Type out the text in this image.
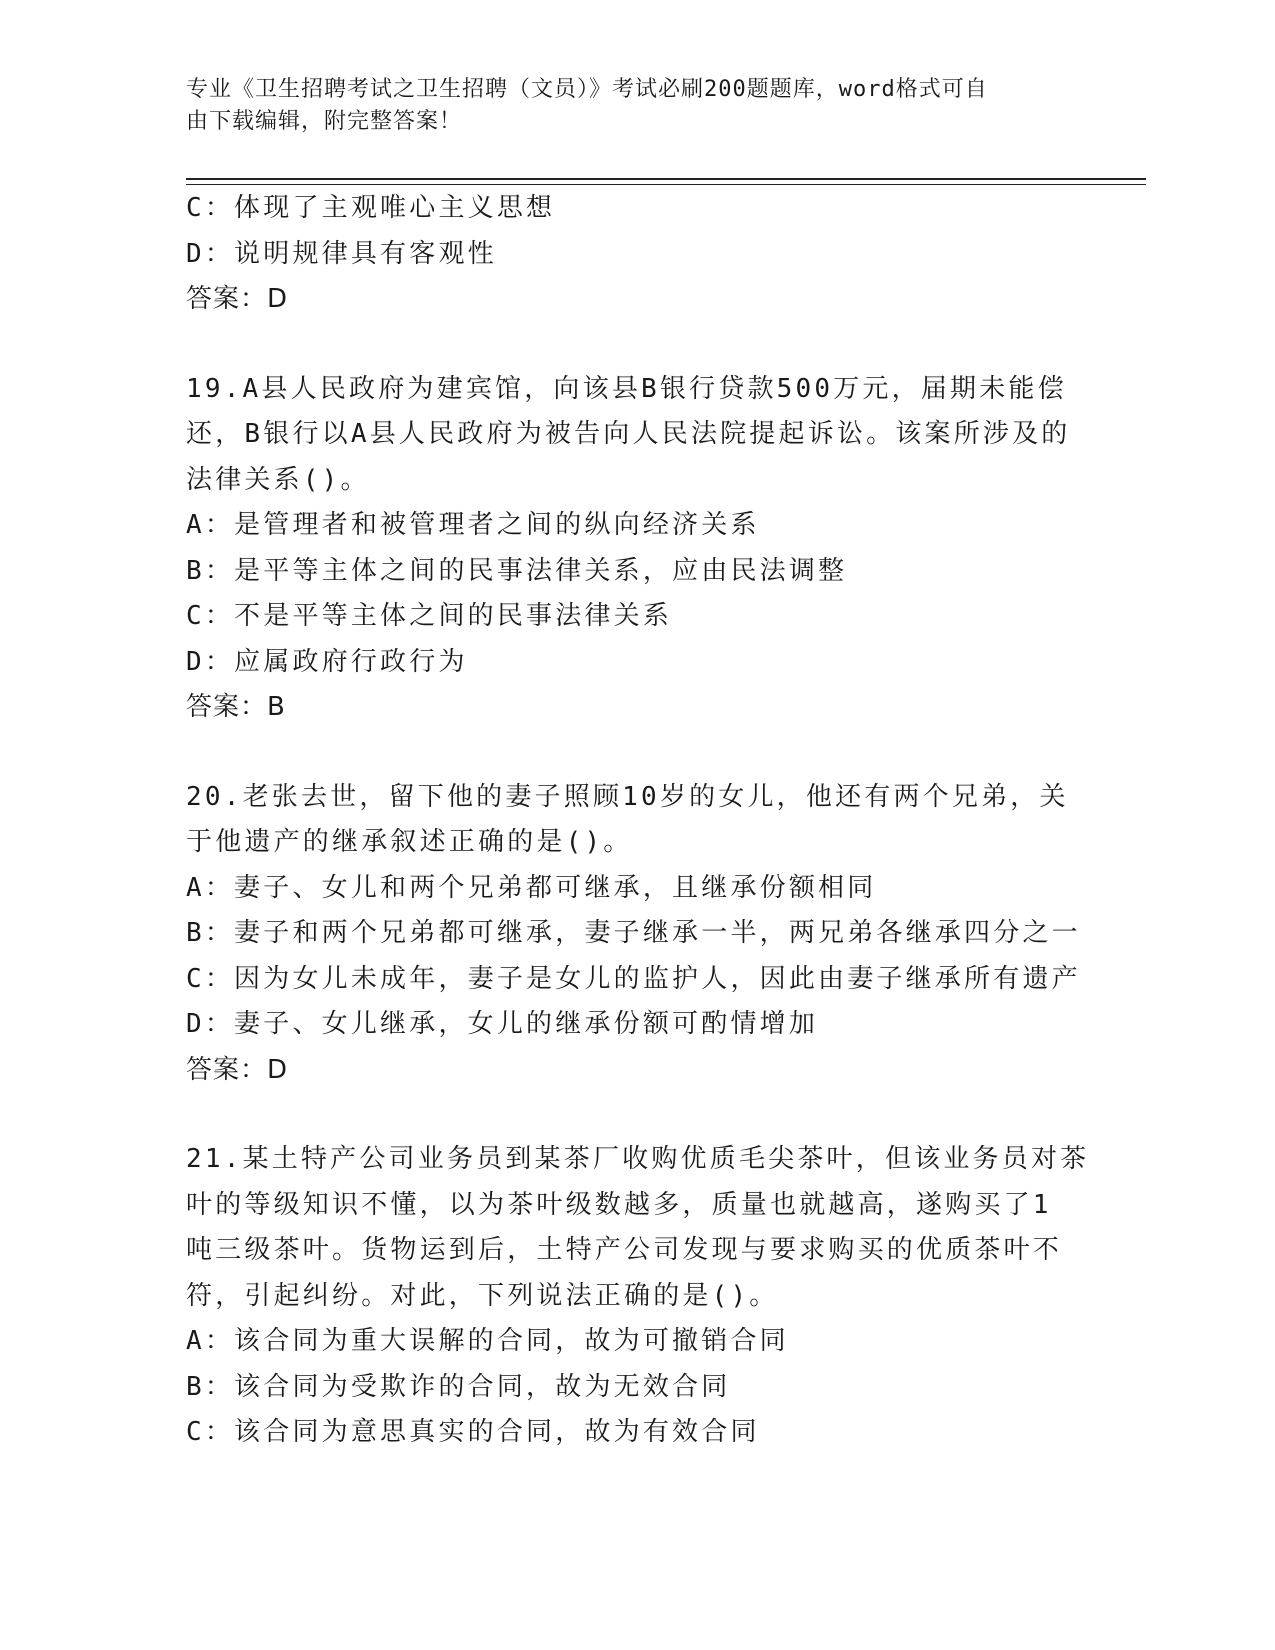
专业《卫生招聘考试之卫生招聘（文员）》考试必刷200题题库，word格式可自

由下载编辑，附完整答案！

C：体现了主观唯心主义思想
D：说明规律具有客观性
答案：D
19.A县人民政府为建宾馆，向该县B银行贷款500万元，届期未能偿
还，B银行以A县人民政府为被告向人民法院提起诉讼。该案所涉及的
法律关系()。
A：是管理者和被管理者之间的纵向经济关系
B：是平等主体之间的民事法律关系，应由民法调整
C：不是平等主体之间的民事法律关系
D：应属政府行政行为
答案：B
20.老张去世，留下他的妻子照顾10岁的女儿，他还有两个兄弟，关
于他遗产的继承叙述正确的是()。
A：妻子、女儿和两个兄弟都可继承，且继承份额相同
B：妻子和两个兄弟都可继承，妻子继承一半，两兄弟各继承四分之一
C：因为女儿未成年，妻子是女儿的监护人，因此由妻子继承所有遗产
D：妻子、女儿继承，女儿的继承份额可酌情增加
答案：D
21.某土特产公司业务员到某茶厂收购优质毛尖茶叶，但该业务员对茶
叶的等级知识不懂，以为茶叶级数越多，质量也就越高，遂购买了1
吨三级茶叶。货物运到后，土特产公司发现与要求购买的优质茶叶不
符，引起纠纷。对此，下列说法正确的是()。
A：该合同为重大误解的合同，故为可撤销合同
B：该合同为受欺诈的合同，故为无效合同
C：该合同为意思真实的合同，故为有效合同
